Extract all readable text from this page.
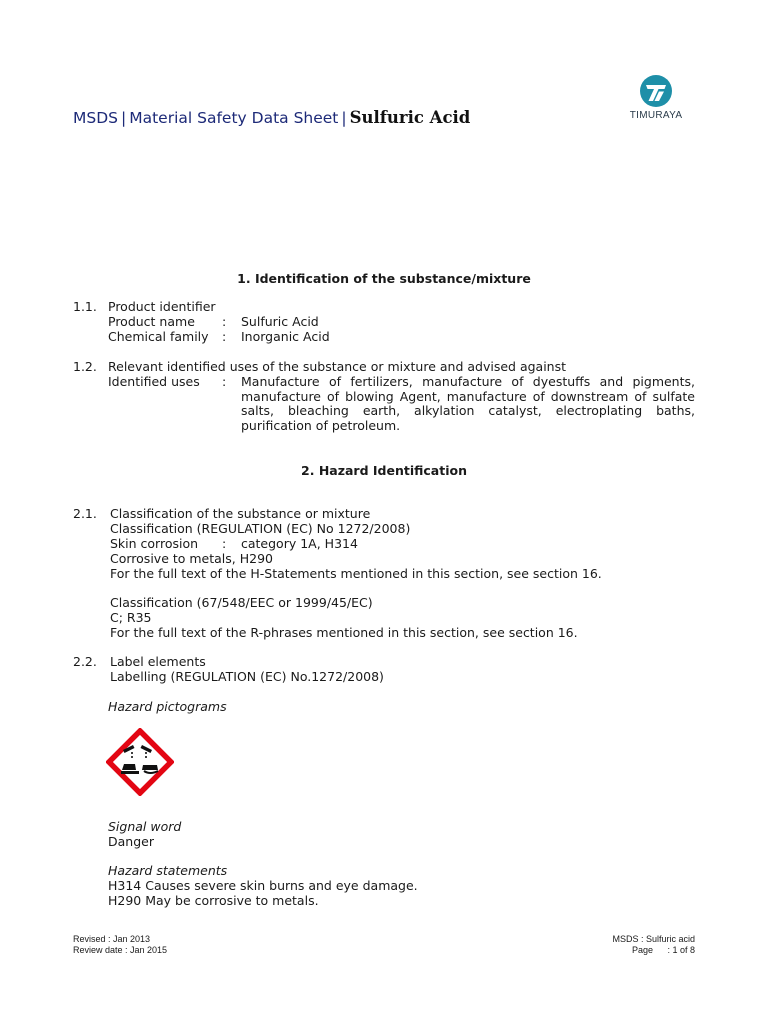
MSDS | Material Safety Data Sheet | Sulfuric Acid	TIMURAYA
1. Identification of the substance/mixture
1.1. Product identifier
Product name : Sulfuric Acid
Chemical family : Inorganic Acid
1.2. Relevant identified uses of the substance or mixture and advised against
Identified uses : Manufacture of fertilizers, manufacture of dyestuffs and pigments, manufacture of blowing Agent, manufacture of downstream of sulfate salts, bleaching earth, alkylation catalyst, electroplating baths, purification of petroleum.
2. Hazard Identification
2.1. Classification of the substance or mixture
Classification (REGULATION (EC) No 1272/2008)
Skin corrosion : category 1A, H314
Corrosive to metals, H290
For the full text of the H-Statements mentioned in this section, see section 16.
Classification (67/548/EEC or 1999/45/EC)
C; R35
For the full text of the R-phrases mentioned in this section, see section 16.
2.2. Label elements
Labelling (REGULATION (EC) No.1272/2008)
Hazard pictograms
Signal word
Danger
Hazard statements
H314 Causes severe skin burns and eye damage.
H290 May be corrosive to metals.
Revised : Jan 2013
Review date : Jan 2015
MSDS : Sulfuric acid
Page : 1 of 8
